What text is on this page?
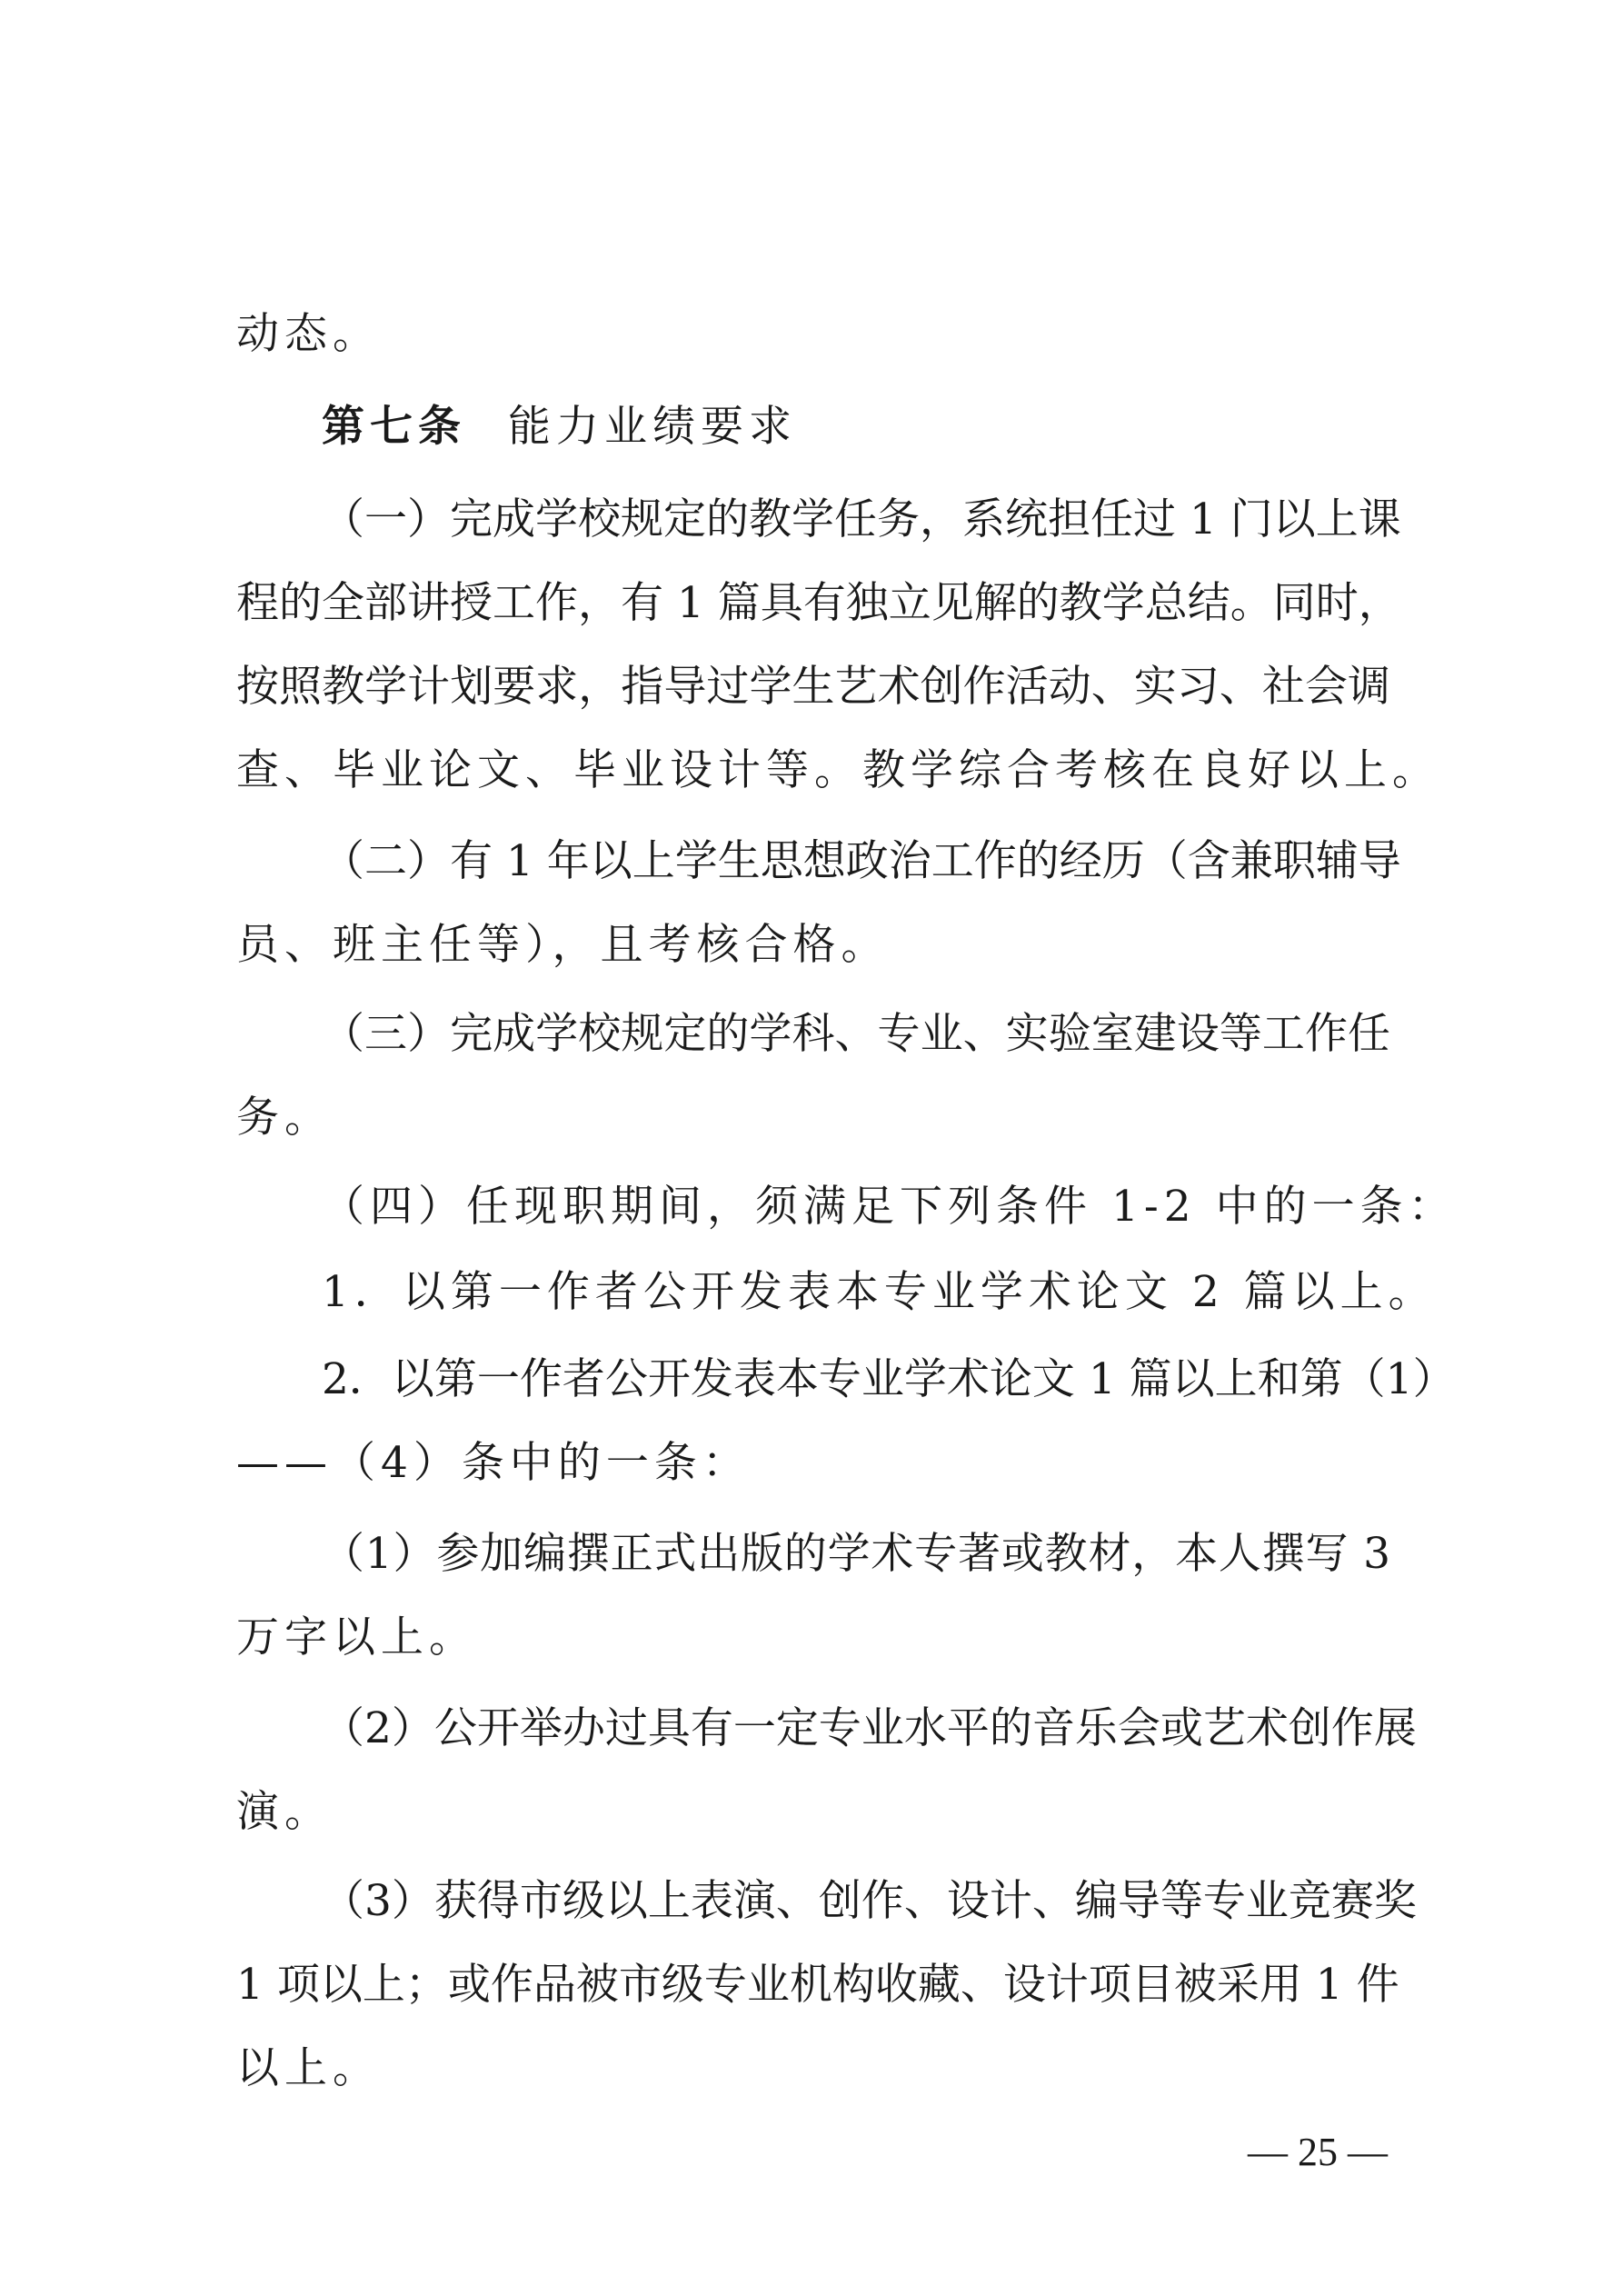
动态。
第七条 能力业绩要求
（一）完成学校规定的教学任务，系统担任过 1 门以上课
程的全部讲授工作，有 1 篇具有独立见解的教学总结。同时，
按照教学计划要求，指导过学生艺术创作活动、实习、社会调
查、毕业论文、毕业设计等。教学综合考核在良好以上。
（二）有 1 年以上学生思想政治工作的经历（含兼职辅导
员、班主任等），且考核合格。
（三）完成学校规定的学科、专业、实验室建设等工作任
务。
（四）任现职期间，须满足下列条件 1-2 中的一条：
1．以第一作者公开发表本专业学术论文 2 篇以上。
2．以第一作者公开发表本专业学术论文 1 篇以上和第（1）
——（4）条中的一条：
（1）参加编撰正式出版的学术专著或教材，本人撰写 3
万字以上。
（2）公开举办过具有一定专业水平的音乐会或艺术创作展
演。
（3）获得市级以上表演、创作、设计、编导等专业竞赛奖
1 项以上；或作品被市级专业机构收藏、设计项目被采用 1 件
以上。
— 25 —
